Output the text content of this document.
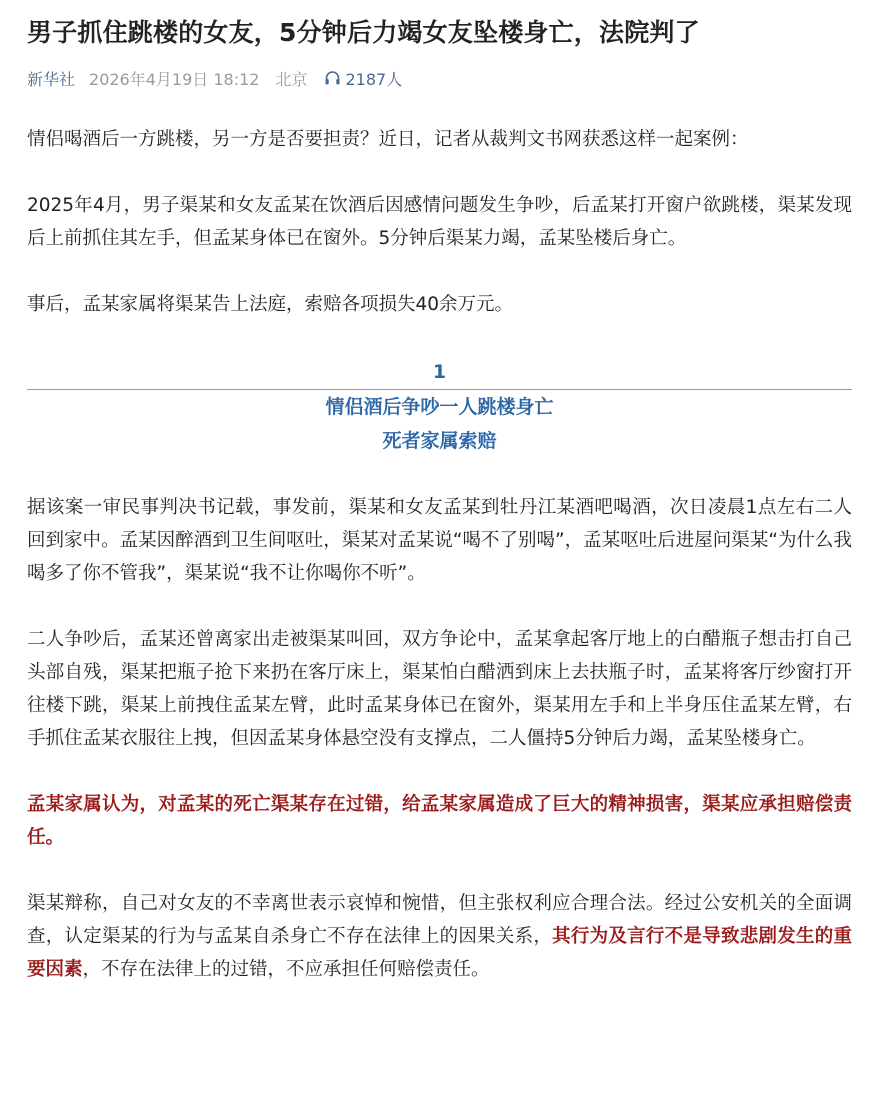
男子抓住跳楼的女友，5分钟后力竭女友坠楼身亡，法院判了
新华社 2026年4月19日 18:12 北京 2187人

情侣喝酒后一方跳楼，另一方是否要担责？近日，记者从裁判文书网获悉这样一起案例：

2025年4月，男子渠某和女友孟某在饮酒后因感情问题发生争吵，后孟某打开窗户欲跳楼，渠某发现后上前抓住其左手，但孟某身体已在窗外。5分钟后渠某力竭，孟某坠楼后身亡。

事后，孟某家属将渠某告上法庭，索赔各项损失40余万元。

1
情侣酒后争吵一人跳楼身亡
死者家属索赔

据该案一审民事判决书记载，事发前，渠某和女友孟某到牡丹江某酒吧喝酒，次日凌晨1点左右二人回到家中。孟某因醉酒到卫生间呕吐，渠某对孟某说“喝不了别喝”，孟某呕吐后进屋问渠某“为什么我喝多了你不管我”，渠某说“我不让你喝你不听”。

二人争吵后，孟某还曾离家出走被渠某叫回，双方争论中，孟某拿起客厅地上的白醋瓶子想击打自己头部自残，渠某把瓶子抢下来扔在客厅床上，渠某怕白醋洒到床上去扶瓶子时，孟某将客厅纱窗打开往楼下跳，渠某上前拽住孟某左臂，此时孟某身体已在窗外，渠某用左手和上半身压住孟某左臂，右手抓住孟某衣服往上拽，但因孟某身体悬空没有支撑点，二人僵持5分钟后力竭，孟某坠楼身亡。

孟某家属认为，对孟某的死亡渠某存在过错，给孟某家属造成了巨大的精神损害，渠某应承担赔偿责任。

渠某辩称，自己对女友的不幸离世表示哀悼和惋惜，但主张权利应合理合法。经过公安机关的全面调查，认定渠某的行为与孟某自杀身亡不存在法律上的因果关系，其行为及言行不是导致悲剧发生的重要因素，不存在法律上的过错，不应承担任何赔偿责任。
